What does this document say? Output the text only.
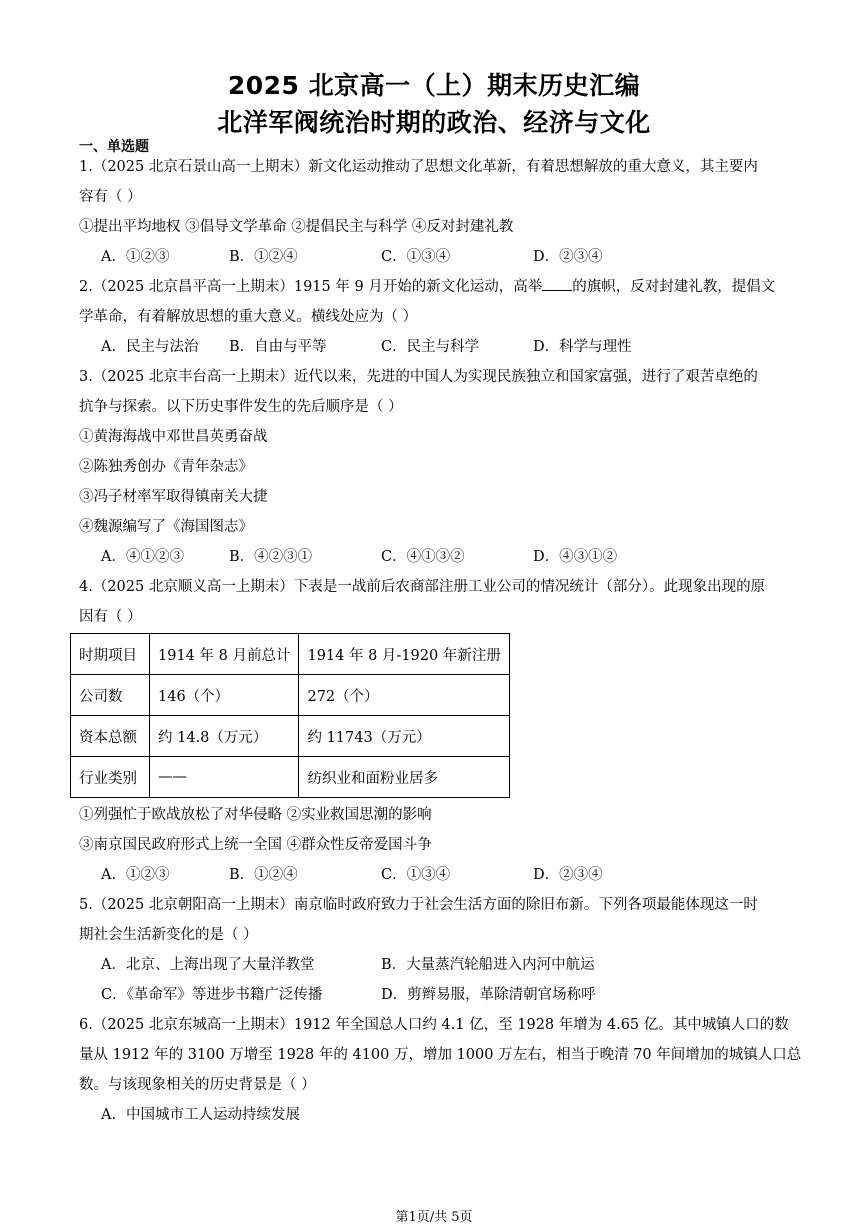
2025 北京高一（上）期末历史汇编
北洋军阀统治时期的政治、经济与文化
一、单选题
1.（2025 北京石景山高一上期末）新文化运动推动了思想文化革新，有着思想解放的重大意义，其主要内
容有（ ）
①提出平均地权 ③倡导文学革命 ②提倡民主与科学 ④反对封建礼教
A．①②③	B．①②④	C．①③④	D．②③④
2.（2025 北京昌平高一上期末）1915 年 9 月开始的新文化运动，高举 的旗帜，反对封建礼教，提倡文
学革命，有着解放思想的重大意义。横线处应为（ ）
A．民主与法治 B．自由与平等	C．民主与科学	D．科学与理性
3.（2025 北京丰台高一上期末）近代以来，先进的中国人为实现民族独立和国家富强，进行了艰苦卓绝的
抗争与探索。以下历史事件发生的先后顺序是（ ）
①黄海海战中邓世昌英勇奋战
②陈独秀创办《青年杂志》
③冯子材率军取得镇南关大捷
④魏源编写了《海国图志》
A．④①②③	B．④②③①	C．④①③②	D．④③①②
4.（2025 北京顺义高一上期末）下表是一战前后农商部注册工业公司的情况统计（部分）。此现象出现的原
因有（ ）
时期项目	1914 年 8 月前总计	1914 年 8 月-1920 年新注册
公司数	146（个）	272（个）
资本总额	约 14.8（万元）	约 11743（万元）
行业类别	——	纺织业和面粉业居多
①列强忙于欧战放松了对华侵略 ②实业救国思潮的影响
③南京国民政府形式上统一全国 ④群众性反帝爱国斗争
A．①②③	B．①②④	C．①③④	D．②③④
5.（2025 北京朝阳高一上期末）南京临时政府致力于社会生活方面的除旧布新。下列各项最能体现这一时
期社会生活新变化的是（ ）
A．北京、上海出现了大量洋教堂	B．大量蒸汽轮船进入内河中航运
C．《革命军》等进步书籍广泛传播	D．剪辫易服，革除清朝官场称呼
6.（2025 北京东城高一上期末）1912 年全国总人口约 4.1 亿，至 1928 年增为 4.65 亿。其中城镇人口的数
量从 1912 年的 3100 万增至 1928 年的 4100 万，增加 1000 万左右，相当于晚清 70 年间增加的城镇人口总
数。与该现象相关的历史背景是（ ）
A．中国城市工人运动持续发展
第1页/共 5页
